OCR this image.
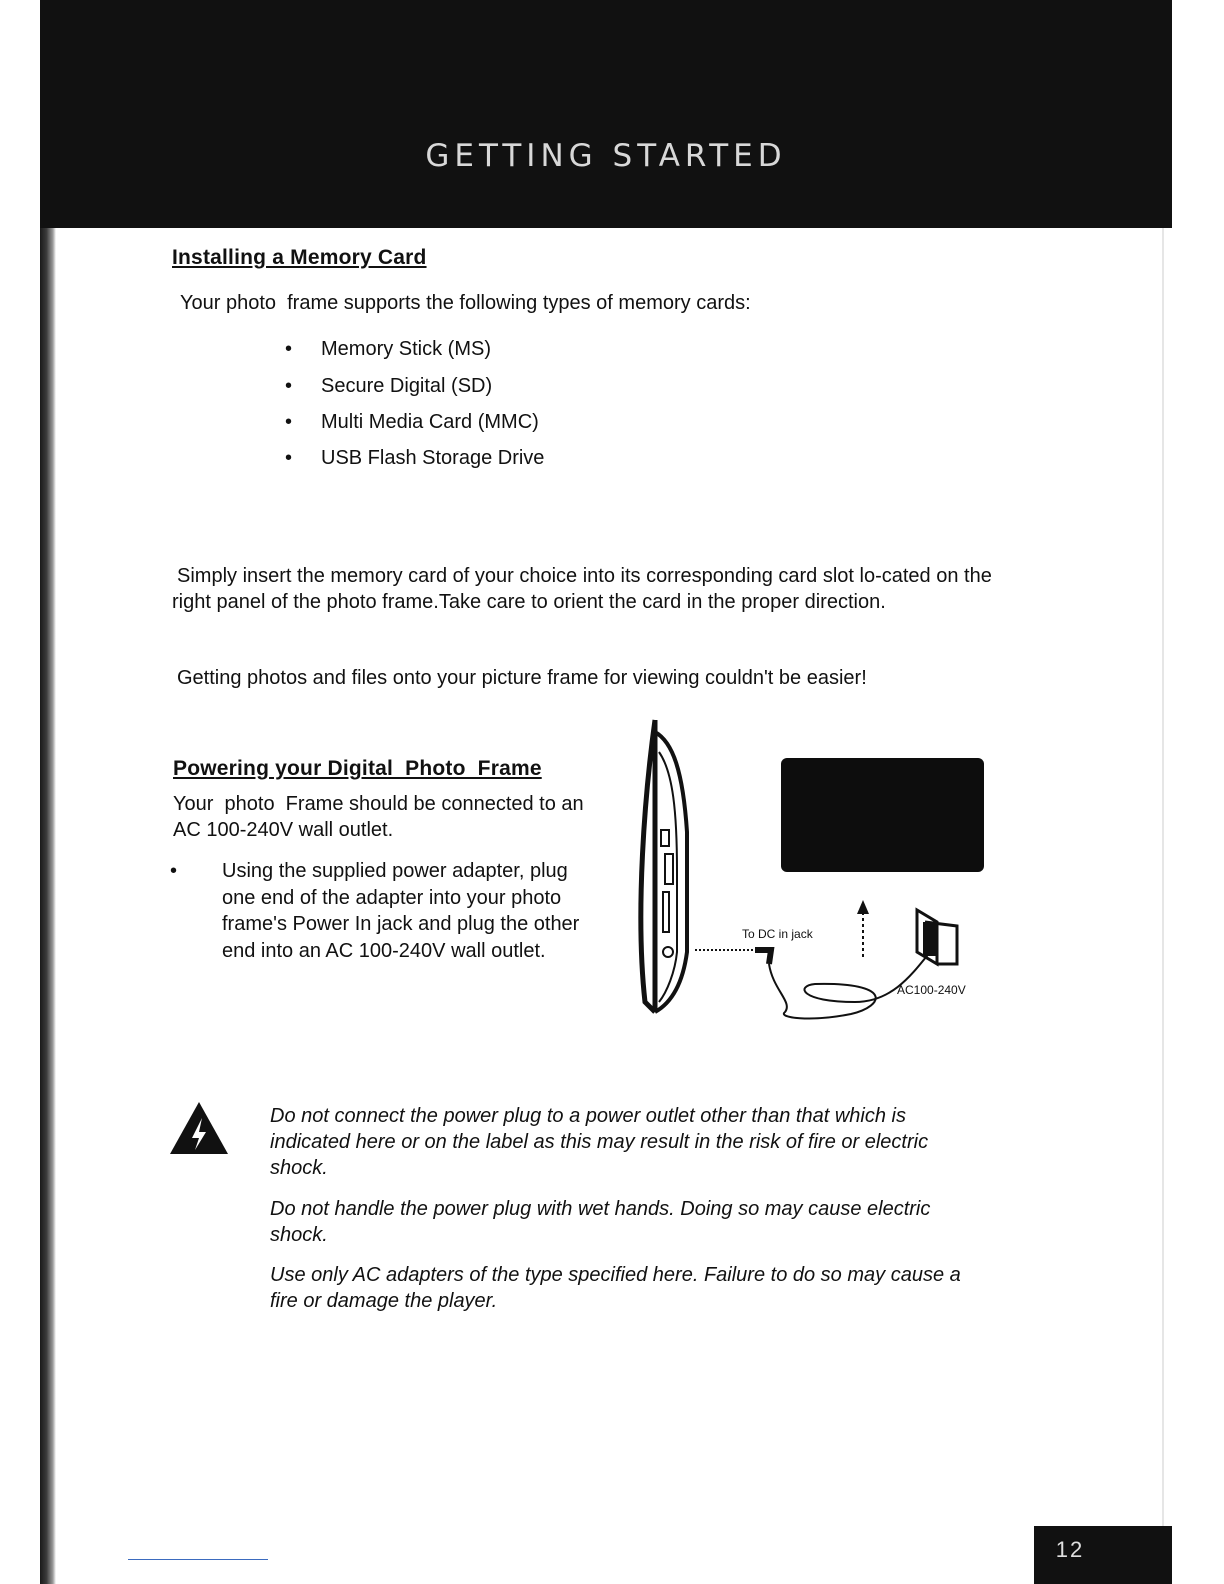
GETTING STARTED
Installing a Memory Card
Your photo  frame supports the following types of memory cards:
• Memory Stick (MS)
• Secure Digital (SD)
• Multi Media Card (MMC)
• USB Flash Storage Drive
Simply insert the memory card of your choice into its corresponding card slot lo-cated on the right panel of the photo frame.Take care to orient the card in the proper direction.
Getting photos and files onto your picture frame for viewing couldn't be easier!
Powering your Digital  Photo  Frame
Your  photo  Frame should be connected to an AC 100-240V wall outlet.
• Using the supplied power adapter, plug one end of the adapter into your photo frame's Power In jack and plug the other end into an AC 100-240V wall outlet.
To DC in jack
AC100-240V
Do not connect the power plug to a power outlet other than that which is indicated here or on the label as this may result in the risk of fire or electric shock.
Do not handle the power plug with wet hands. Doing so may cause electric shock.
Use only AC adapters of the type specified here. Failure to do so may cause a fire or damage the player.
12
